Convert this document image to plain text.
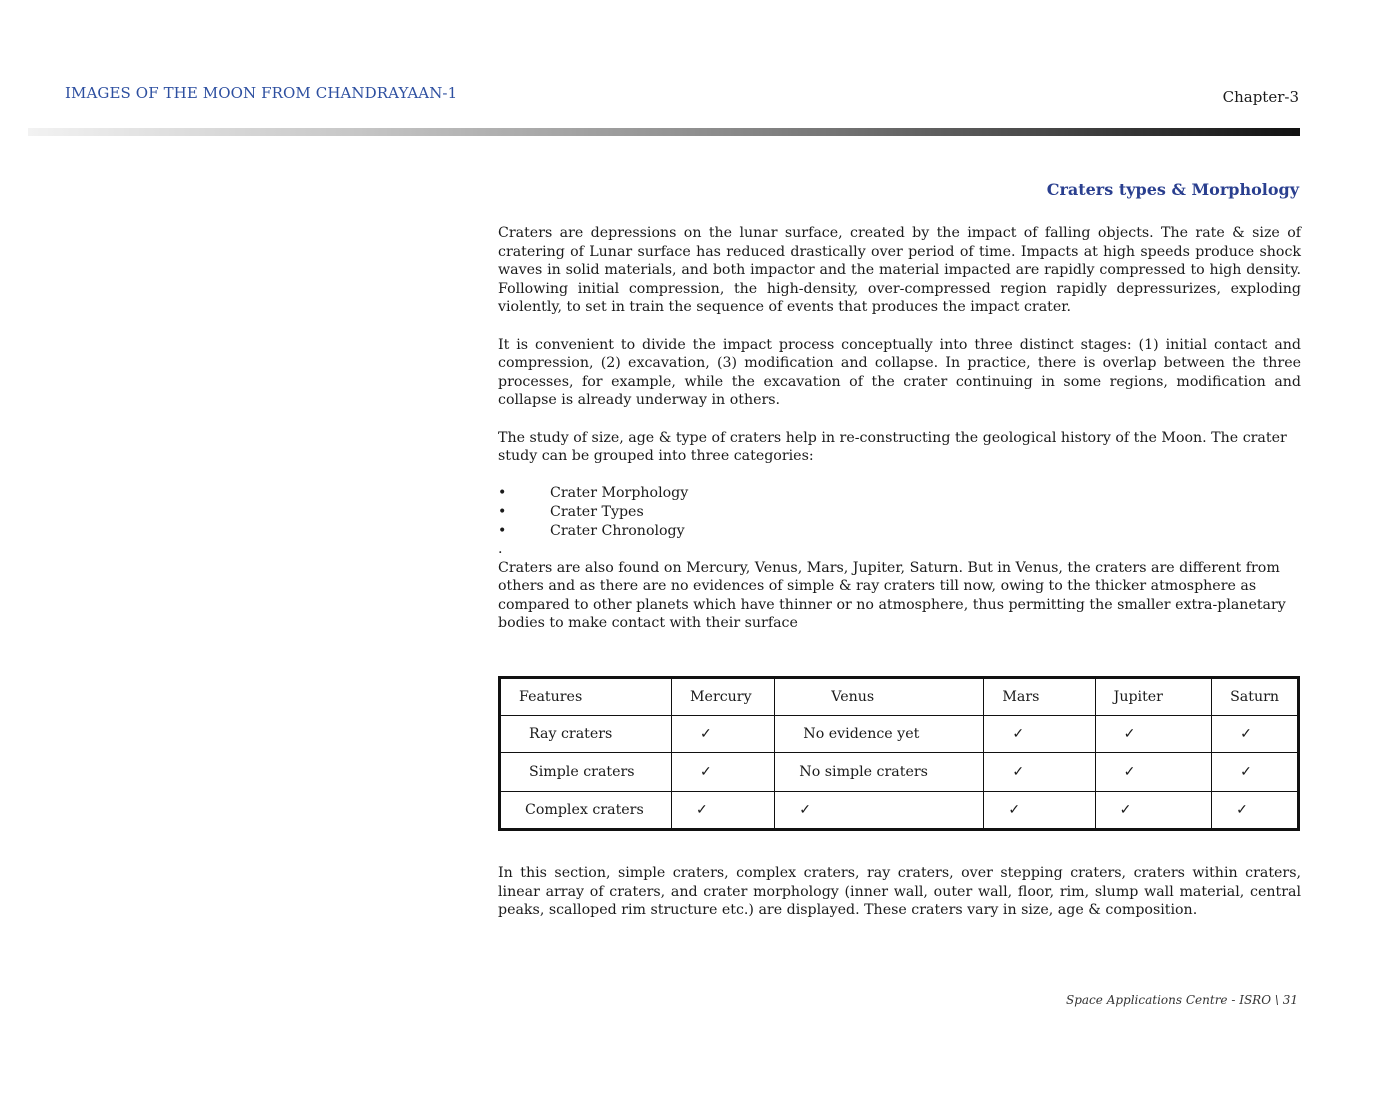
IMAGES OF THE MOON FROM CHANDRAYAAN-1	Chapter-3
Craters types & Morphology

Craters are depressions on the lunar surface, created by the impact of falling objects. The rate & size of cratering of Lunar surface has reduced drastically over period of time. Impacts at high speeds produce shock waves in solid materials, and both impactor and the material impacted are rapidly compressed to high density. Following initial compression, the high-density, over-compressed region rapidly depressurizes, exploding violently, to set in train the sequence of events that produces the impact crater.

It is convenient to divide the impact process conceptually into three distinct stages: (1) initial contact and compression, (2) excavation, (3) modification and collapse. In practice, there is overlap between the three processes, for example, while the excavation of the crater continuing in some regions, modification and collapse is already underway in others.

The study of size, age & type of craters help in re-constructing the geological history of the Moon. The crater study can be grouped into three categories:

•	Crater Morphology
•	Crater Types
•	Crater Chronology
.

Craters are also found on Mercury, Venus, Mars, Jupiter, Saturn. But in Venus, the craters are different from others and as there are no evidences of simple & ray craters till now, owing to the thicker atmosphere as compared to other planets which have thinner or no atmosphere, thus permitting the smaller extra-planetary bodies to make contact with their surface

Features	Mercury	Venus	Mars	Jupiter	Saturn
Ray craters	✓	No evidence yet	✓	✓	✓
Simple craters	✓	No simple craters	✓	✓	✓
Complex craters	✓	✓	✓	✓	✓

In this section, simple craters, complex craters, ray craters, over stepping craters, craters within craters, linear array of craters, and crater morphology (inner wall, outer wall, floor, rim, slump wall material, central peaks, scalloped rim structure etc.) are displayed. These craters vary in size, age & composition.

Space Applications Centre - ISRO \ 31
